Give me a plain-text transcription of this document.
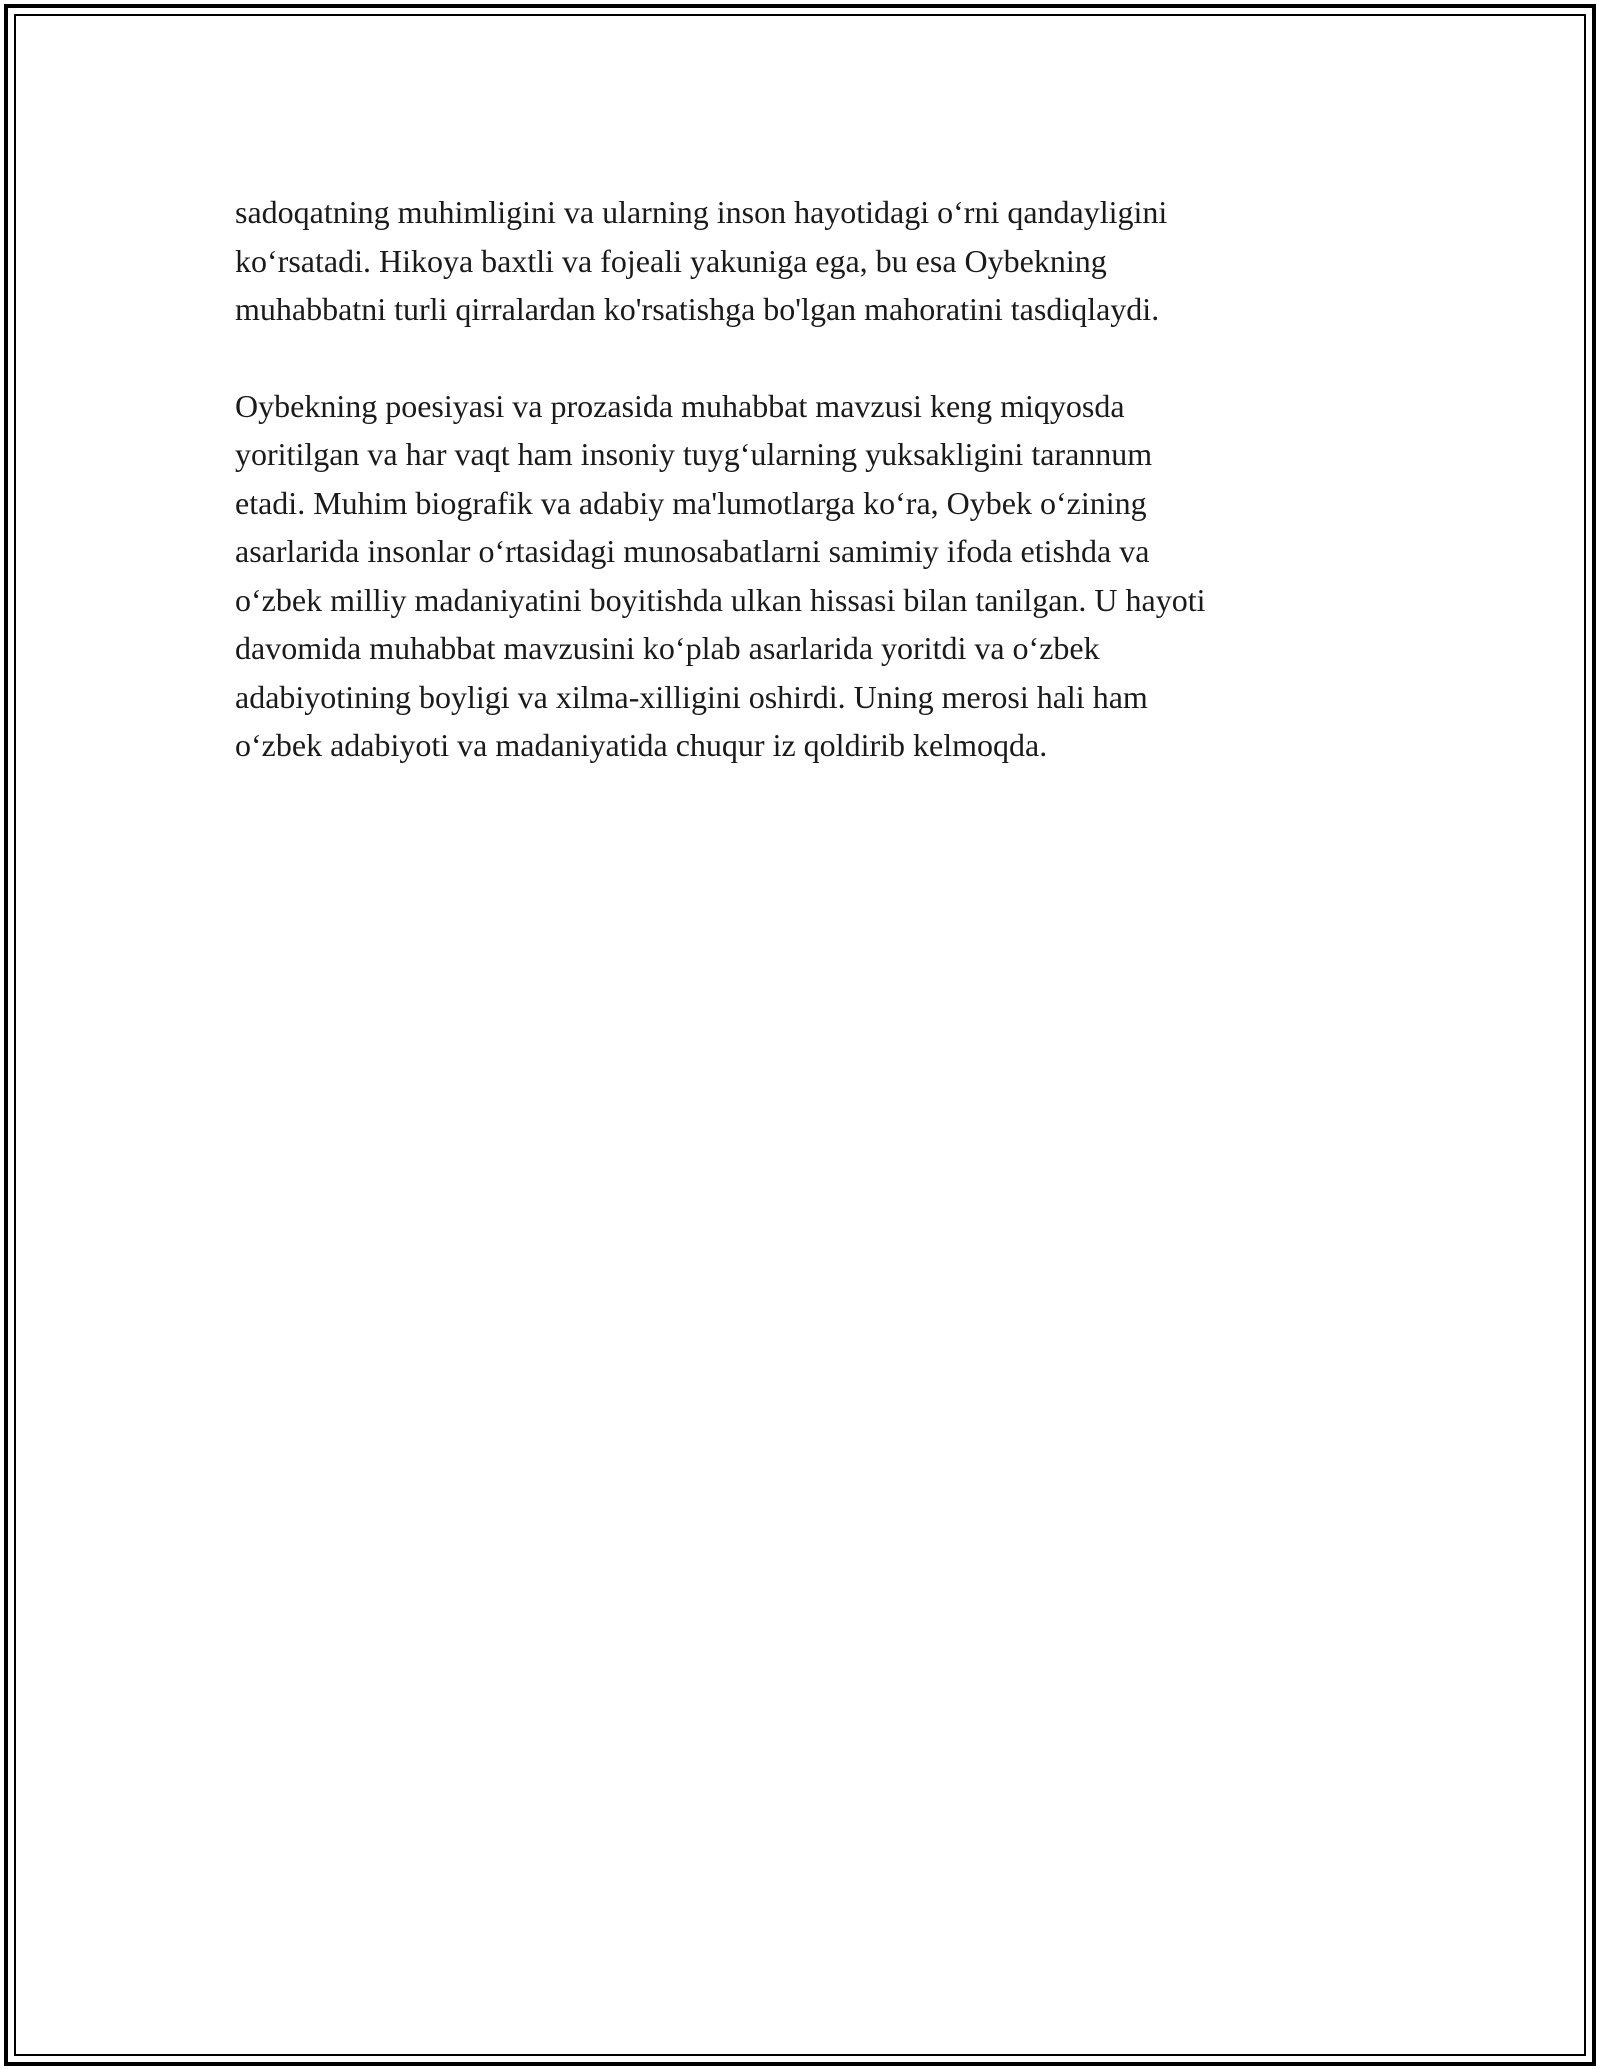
sadoqatning muhimligini va ularning inson hayotidagi o‘rni qandayligini
ko‘rsatadi. Hikoya baxtli va fojeali yakuniga ega, bu esa Oybekning
muhabbatni turli qirralardan ko'rsatishga bo'lgan mahoratini tasdiqlaydi.

Oybekning poesiyasi va prozasida muhabbat mavzusi keng miqyosda
yoritilgan va har vaqt ham insoniy tuyg‘ularning yuksakligini tarannum
etadi. Muhim biografik va adabiy ma'lumotlarga ko‘ra, Oybek o‘zining
asarlarida insonlar o‘rtasidagi munosabatlarni samimiy ifoda etishda va
o‘zbek milliy madaniyatini boyitishda ulkan hissasi bilan tanilgan. U hayoti
davomida muhabbat mavzusini ko‘plab asarlarida yoritdi va o‘zbek
adabiyotining boyligi va xilma-xilligini oshirdi. Uning merosi hali ham
o‘zbek adabiyoti va madaniyatida chuqur iz qoldirib kelmoqda.
